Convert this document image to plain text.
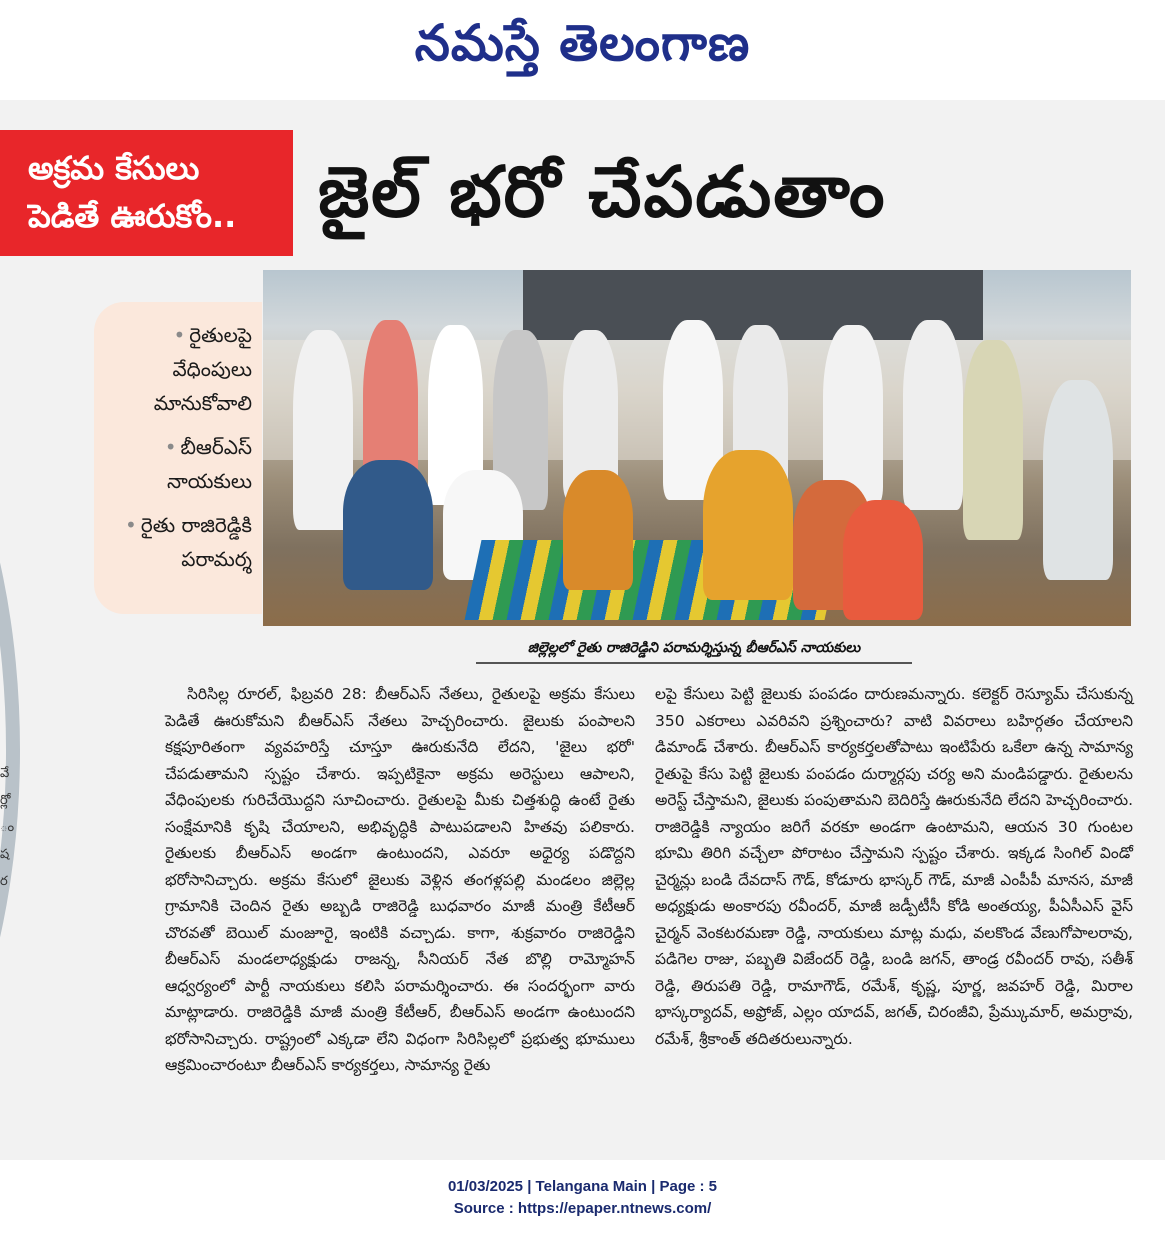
నమస్తే తెలంగాణ
వే
ర్లో
ం
ష
ర
అక్రమ కేసులు
పెడితే ఊరుకోం..	జైల్ భరో చేపడుతాం
• రైతులపై వేధింపులు మానుకోవాలి
• బీఆర్ఎస్ నాయకులు
• రైతు రాజిరెడ్డికి పరామర్శ
జిల్లెల్లలో రైతు రాజిరెడ్డిని పరామర్శిస్తున్న బీఆర్ఎస్ నాయకులు

సిరిసిల్ల రూరల్, ఫిబ్రవరి 28: బీఆర్ఎస్ నేతలు, రైతులపై అక్రమ కేసులు పెడితే ఊరుకోమని బీఆర్ఎస్ నేతలు హెచ్చరించారు. జైలుకు పంపాలని కక్షపూరితంగా వ్యవహరిస్తే చూస్తూ ఊరుకునేది లేదని, 'జైలు భరో' చేపడుతామని స్పష్టం చేశారు. ఇప్పటికైనా అక్రమ అరెస్టులు ఆపాలని, వేధింపులకు గురిచేయొద్దని సూచించారు. రైతులపై మీకు చిత్తశుద్ధి ఉంటే రైతు సంక్షేమానికి కృషి చేయాలని, అభివృద్ధికి పాటుపడాలని హితవు పలికారు. రైతులకు బీఆర్ఎస్ అండగా ఉంటుందని, ఎవరూ అధైర్య పడొద్దని భరోసానిచ్చారు. అక్రమ కేసులో జైలుకు వెళ్లిన తంగళ్లపల్లి మండలం జిల్లెల్ల గ్రామానికి చెందిన రైతు అబ్బడి రాజిరెడ్డి బుధవారం మాజీ మంత్రి కేటీఆర్ చొరవతో బెయిల్ మంజూరై, ఇంటికి వచ్చాడు. కాగా, శుక్రవారం రాజిరెడ్డిని బీఆర్ఎస్ మండలాధ్యక్షుడు రాజన్న, సీనియర్ నేత బొల్లి రామ్మోహన్ ఆధ్వర్యంలో పార్టీ నాయకులు కలిసి పరామర్శించారు. ఈ సందర్భంగా వారు మాట్లాడారు. రాజిరెడ్డికి మాజీ మంత్రి కేటీఆర్, బీఆర్ఎస్ అండగా ఉంటుందని భరోసానిచ్చారు. రాష్ట్రంలో ఎక్కడా లేని విధంగా సిరిసిల్లలో ప్రభుత్వ భూములు ఆక్రమించారంటూ బీఆర్ఎస్ కార్యకర్తలు, సామాన్య రైతు

లపై కేసులు పెట్టి జైలుకు పంపడం దారుణమన్నారు. కలెక్టర్ రెస్యూమ్ చేసుకున్న 350 ఎకరాలు ఎవరివని ప్రశ్నించారు? వాటి వివరాలు బహిర్గతం చేయాలని డిమాండ్ చేశారు. బీఆర్ఎస్ కార్యకర్తలతోపాటు ఇంటిపేరు ఒకేలా ఉన్న సామాన్య రైతుపై కేసు పెట్టి జైలుకు పంపడం దుర్మార్గపు చర్య అని మండిపడ్డారు. రైతులను అరెస్ట్ చేస్తామని, జైలుకు పంపుతామని బెదిరిస్తే ఊరుకునేది లేదని హెచ్చరించారు. రాజిరెడ్డికి న్యాయం జరిగే వరకూ అండగా ఉంటామని, ఆయన 30 గుంటల భూమి తిరిగి వచ్చేలా పోరాటం చేస్తామని స్పష్టం చేశారు. ఇక్కడ సింగిల్ విండో చైర్మన్లు బండి దేవదాస్ గౌడ్, కోడూరు భాస్కర్ గౌడ్, మాజీ ఎంపీపీ మానస, మాజీ అధ్యక్షుడు అంకారపు రవీందర్, మాజీ జడ్పీటీసీ కోడి అంతయ్య, పీఏసీఎస్ వైస్ చైర్మన్ వెంకటరమణా రెడ్డి, నాయకులు మాట్ల మధు, వలకొండ వేణుగోపాలరావు, పడిగెల రాజు, పబ్బతి విజేందర్ రెడ్డి, బండి జగన్, తాండ్ర రవీందర్ రావు, సతీశ్ రెడ్డి, తిరుపతి రెడ్డి, రామాగౌడ్, రమేశ్, కృష్ణ, పూర్ణ, జవహర్ రెడ్డి, మిరాల భాస్కర్యాదవ్, అఫ్రోజ్, ఎల్లం యాదవ్, జగత్, చిరంజీవి, ప్రేమ్కుమార్, అమర్రావు, రమేశ్, శ్రీకాంత్ తదితరులున్నారు.

01/03/2025 | Telangana Main | Page : 5
Source : https://epaper.ntnews.com/
